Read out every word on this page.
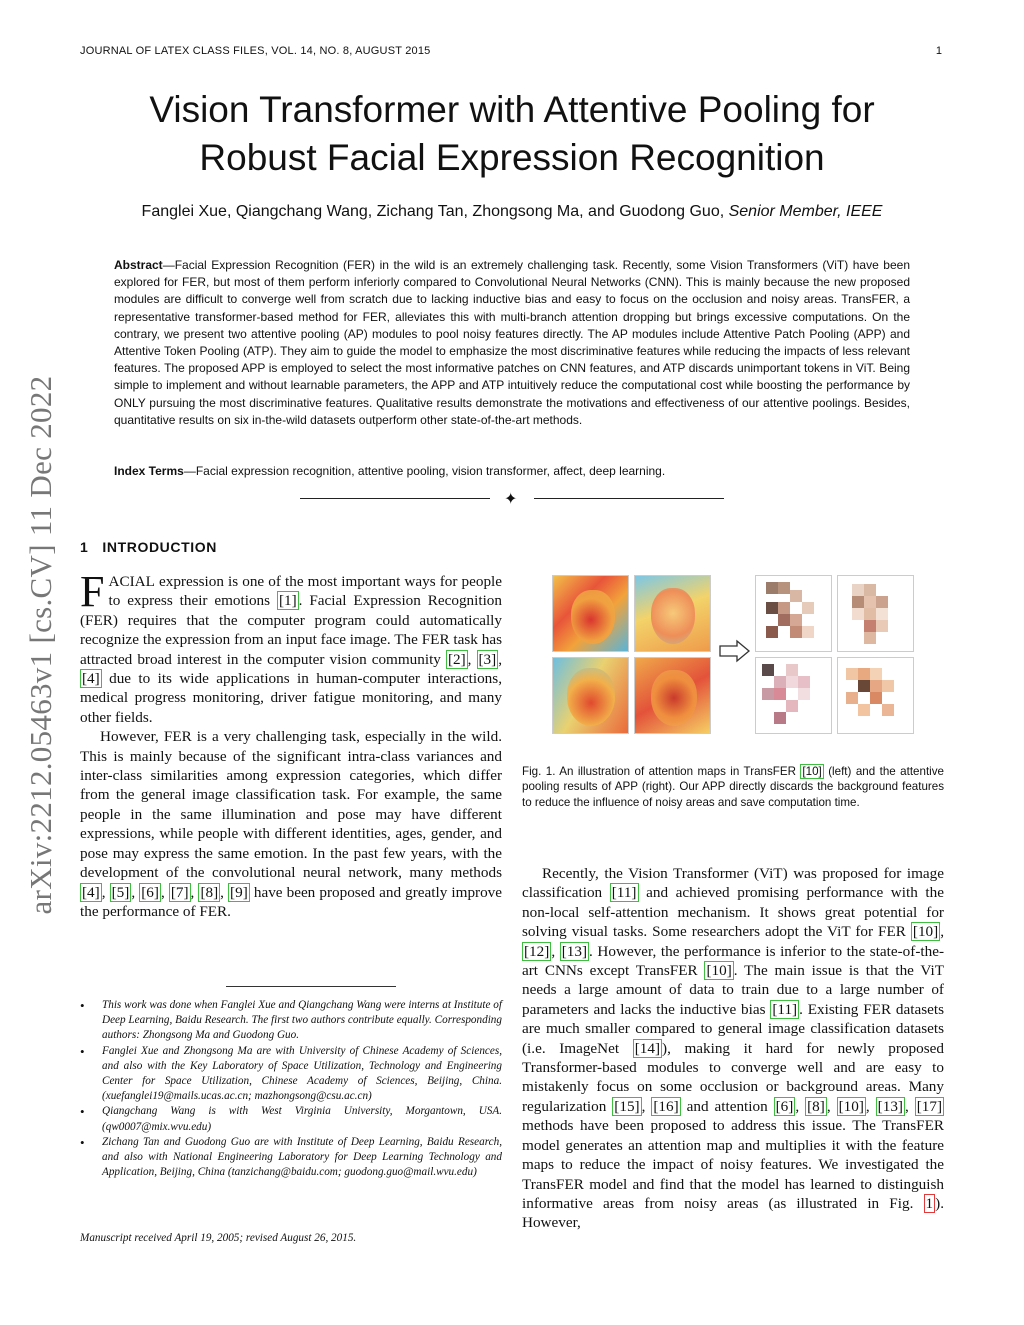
JOURNAL OF LATEX CLASS FILES, VOL. 14, NO. 8, AUGUST 2015	1
Vision Transformer with Attentive Pooling for
Robust Facial Expression Recognition
Fanglei Xue, Qiangchang Wang, Zichang Tan, Zhongsong Ma, and Guodong Guo, Senior Member, IEEE
Abstract—Facial Expression Recognition (FER) in the wild is an extremely challenging task. Recently, some Vision Transformers (ViT) have been explored for FER, but most of them perform inferiorly compared to Convolutional Neural Networks (CNN). This is mainly because the new proposed modules are difficult to converge well from scratch due to lacking inductive bias and easy to focus on the occlusion and noisy areas. TransFER, a representative transformer-based method for FER, alleviates this with multi-branch attention dropping but brings excessive computations. On the contrary, we present two attentive pooling (AP) modules to pool noisy features directly. The AP modules include Attentive Patch Pooling (APP) and Attentive Token Pooling (ATP). They aim to guide the model to emphasize the most discriminative features while reducing the impacts of less relevant features. The proposed APP is employed to select the most informative patches on CNN features, and ATP discards unimportant tokens in ViT. Being simple to implement and without learnable parameters, the APP and ATP intuitively reduce the computational cost while boosting the performance by ONLY pursuing the most discriminative features. Qualitative results demonstrate the motivations and effectiveness of our attentive poolings. Besides, quantitative results on six in-the-wild datasets outperform other state-of-the-art methods.
Index Terms—Facial expression recognition, attentive pooling, vision transformer, affect, deep learning.
✦
arXiv:2212.05463v1 [cs.CV] 11 Dec 2022 1 INTRODUCTION

FACIAL expression is one of the most important ways for people to express their emotions [1] . Facial Expression Recognition (FER) requires that the computer program could automatically recognize the expression from an input face image. The FER task has attracted broad interest in the computer vision community [2] , [3] , [4] due to its wide applications in human-computer interactions, medical progress monitoring, driver fatigue monitoring, and many other fields.

However, FER is a very challenging task, especially in the wild. This is mainly because of the significant intra-class variances and inter-class similarities among expression categories, which differ from the general image classification task. For example, the same people in the same illumination and pose may have different expressions, while people with different identities, ages, gender, and pose may express the same emotion. In the past few years, with the development of the convolutional neural network, many methods [4] , [5] , [6] , [7] , [8] , [9] have been proposed and greatly improve the performance of FER.

• This work was done when Fanglei Xue and Qiangchang Wang were interns at Institute of Deep Learning, Baidu Research. The first two authors contribute equally. Corresponding authors: Zhongsong Ma and Guodong Guo.
• Fanglei Xue and Zhongsong Ma are with University of Chinese Academy of Sciences, and also with the Key Laboratory of Space Utilization, Technology and Engineering Center for Space Utilization, Chinese Academy of Sciences, Beijing, China. (xuefanglei19@mails.ucas.ac.cn; mazhongsong@csu.ac.cn)
• Qiangchang Wang is with West Virginia University, Morgantown, USA. (qw0007@mix.wvu.edu)
• Zichang Tan and Guodong Guo are with Institute of Deep Learning, Baidu Research, and also with National Engineering Laboratory for Deep Learning Technology and Application, Beijing, China (tanzichang@baidu.com; guodong.guo@mail.wvu.edu)
Manuscript received April 19, 2005; revised August 26, 2015.
Fig. 1. An illustration of attention maps in TransFER [10] (left) and the attentive pooling results of APP (right). Our APP directly discards the background features to reduce the influence of noisy areas and save computation time.

Recently, the Vision Transformer (ViT) was proposed for image classification [11] and achieved promising performance with the non-local self-attention mechanism. It shows great potential for solving visual tasks. Some researchers adopt the ViT for FER [10] , [12] , [13] . However, the performance is inferior to the state-of-the-art CNNs except TransFER [10] . The main issue is that the ViT needs a large amount of data to train due to a large number of parameters and lacks the inductive bias [11] . Existing FER datasets are much smaller compared to general image classification datasets (i.e. ImageNet [14] ), making it hard for newly proposed Transformer-based modules to converge well and are easy to mistakenly focus on some occlusion or background areas. Many regularization [15] , [16] and attention [6] , [8] , [10] , [13] , [17] methods have been proposed to address this issue. The TransFER model generates an attention map and multiplies it with the feature maps to reduce the impact of noisy features. We investigated the TransFER model and find that the model has learned to distinguish informative areas from noisy areas (as illustrated in Fig. 1 ). However,
